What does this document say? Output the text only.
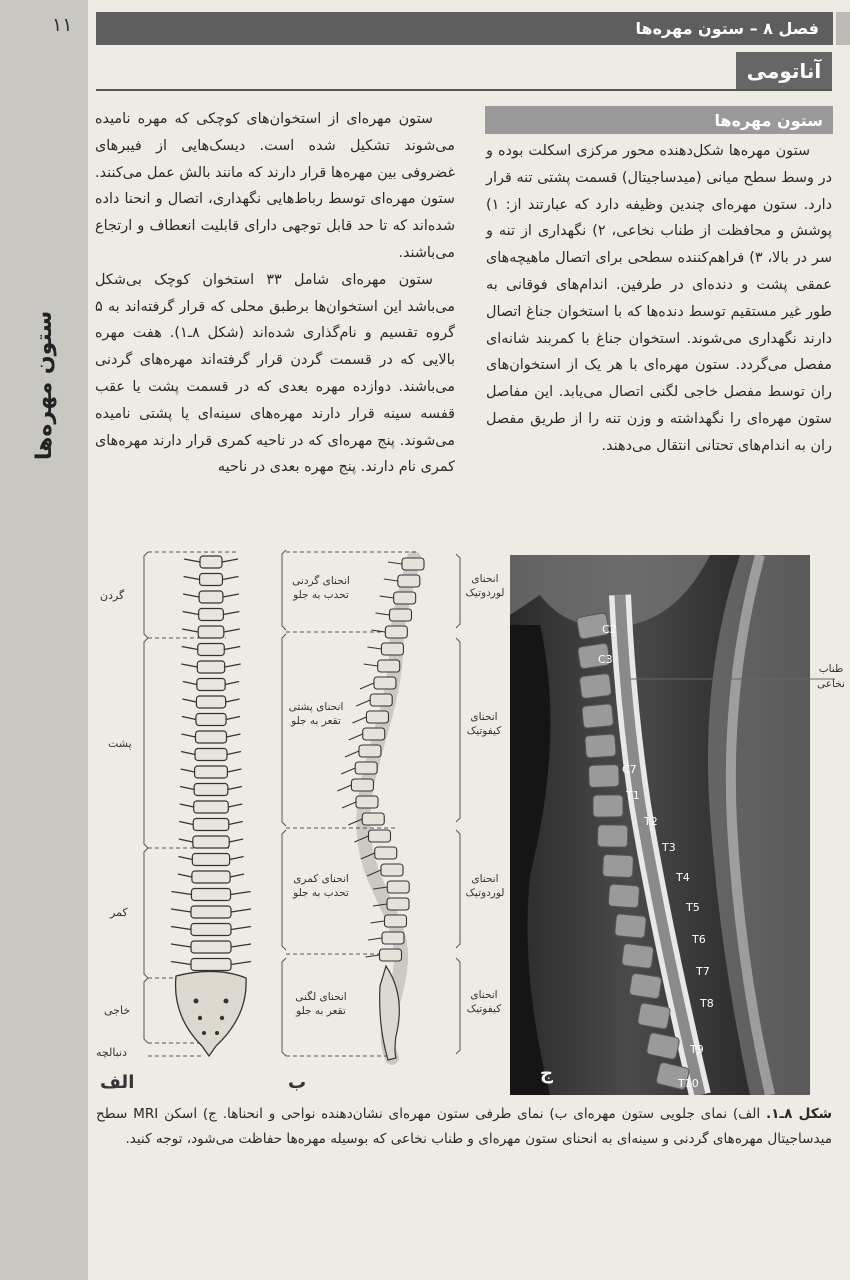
۱۱
ستون مهره‌ها
فصل ۸ – ستون مهره‌ها
آناتومی
ستون مهره‌ها

ستون مهره‌ها شکل‌دهنده محور مرکزی اسکلت بوده و در وسط سطح میانی (میدساجیتال) قسمت پشتی تنه قرار دارد. ستون مهره‌ای چندین وظیفه دارد که عبارتند از: ۱) پوشش و محافظت از طناب نخاعی، ۲) نگهداری از تنه و سر در بالا، ۳) فراهم‌کننده سطحی برای اتصال ماهیچه‌های عمقی پشت و دنده‌ای در طرفین. اندام‌های فوقانی به طور غیر مستقیم توسط دنده‌ها که با استخوان جناغ اتصال دارند نگهداری می‌شوند. استخوان جناغ با کمربند شانه‌ای مفصل می‌گردد. ستون مهره‌ای با هر یک از استخوان‌های ران توسط مفصل خاجی لگنی اتصال می‌یابد. این مفاصل ستون مهره‌ای را نگهداشته و وزن تنه را از طریق مفصل ران به اندام‌های تحتانی انتقال می‌دهند.

ستون مهره‌ای از استخوان‌های کوچکی که مهره نامیده می‌شوند تشکیل شده است. دیسک‌هایی از فیبرهای غضروفی بین مهره‌ها قرار دارند که مانند بالش عمل می‌کنند. ستون مهره‌ای توسط رباط‌هایی نگهداری، اتصال و انحنا داده شده‌اند که تا حد قابل توجهی دارای قابلیت انعطاف و ارتجاع می‌باشند.

ستون مهره‌ای شامل ۳۳ استخوان کوچک بی‌شکل می‌باشد این استخوان‌ها برطبق محلی که قرار گرفته‌اند به ۵ گروه تقسیم و نام‌گذاری شده‌اند (شکل ۸ـ۱). هفت مهره بالایی که در قسمت گردن قرار گرفته‌اند مهره‌های گردنی می‌باشند. دوازده مهره بعدی که در قسمت پشت یا عقب قفسه سینه قرار دارند مهره‌های سینه‌ای یا پشتی نامیده می‌شوند. پنج مهره‌ای که در ناحیه کمری قرار دارند مهره‌های کمری نام دارند. پنج مهره بعدی در ناحیه

گردن
پشت
کمر
خاجی
دنبالچه
انحنای گردنی تحدب به جلو
انحنای پشتی تقعر به جلو
انحنای کمری تحدب به جلو
انحنای لگنی تقعر به جلو
انحنای لوردوتیک
انحنای کیفوتیک
انحنای لوردوتیک
انحنای کیفوتیک
الف	ب	ج
C2
C3
C7
T1
T2
T3
T4
T5
T6
T7
T8
T9
T10
طناب نخاعی
شکل ۸ـ۱. الف) نمای جلویی ستون مهره‌ای ب) نمای طرفی ستون مهره‌ای نشان‌دهنده نواحی و انحناها. ج) اسکن MRI سطح میدساجیتال مهره‌های گردنی و سینه‌ای به انحنای ستون مهره‌ای و طناب نخاعی که بوسیله مهره‌ها حفاظت می‌شود، توجه کنید.
